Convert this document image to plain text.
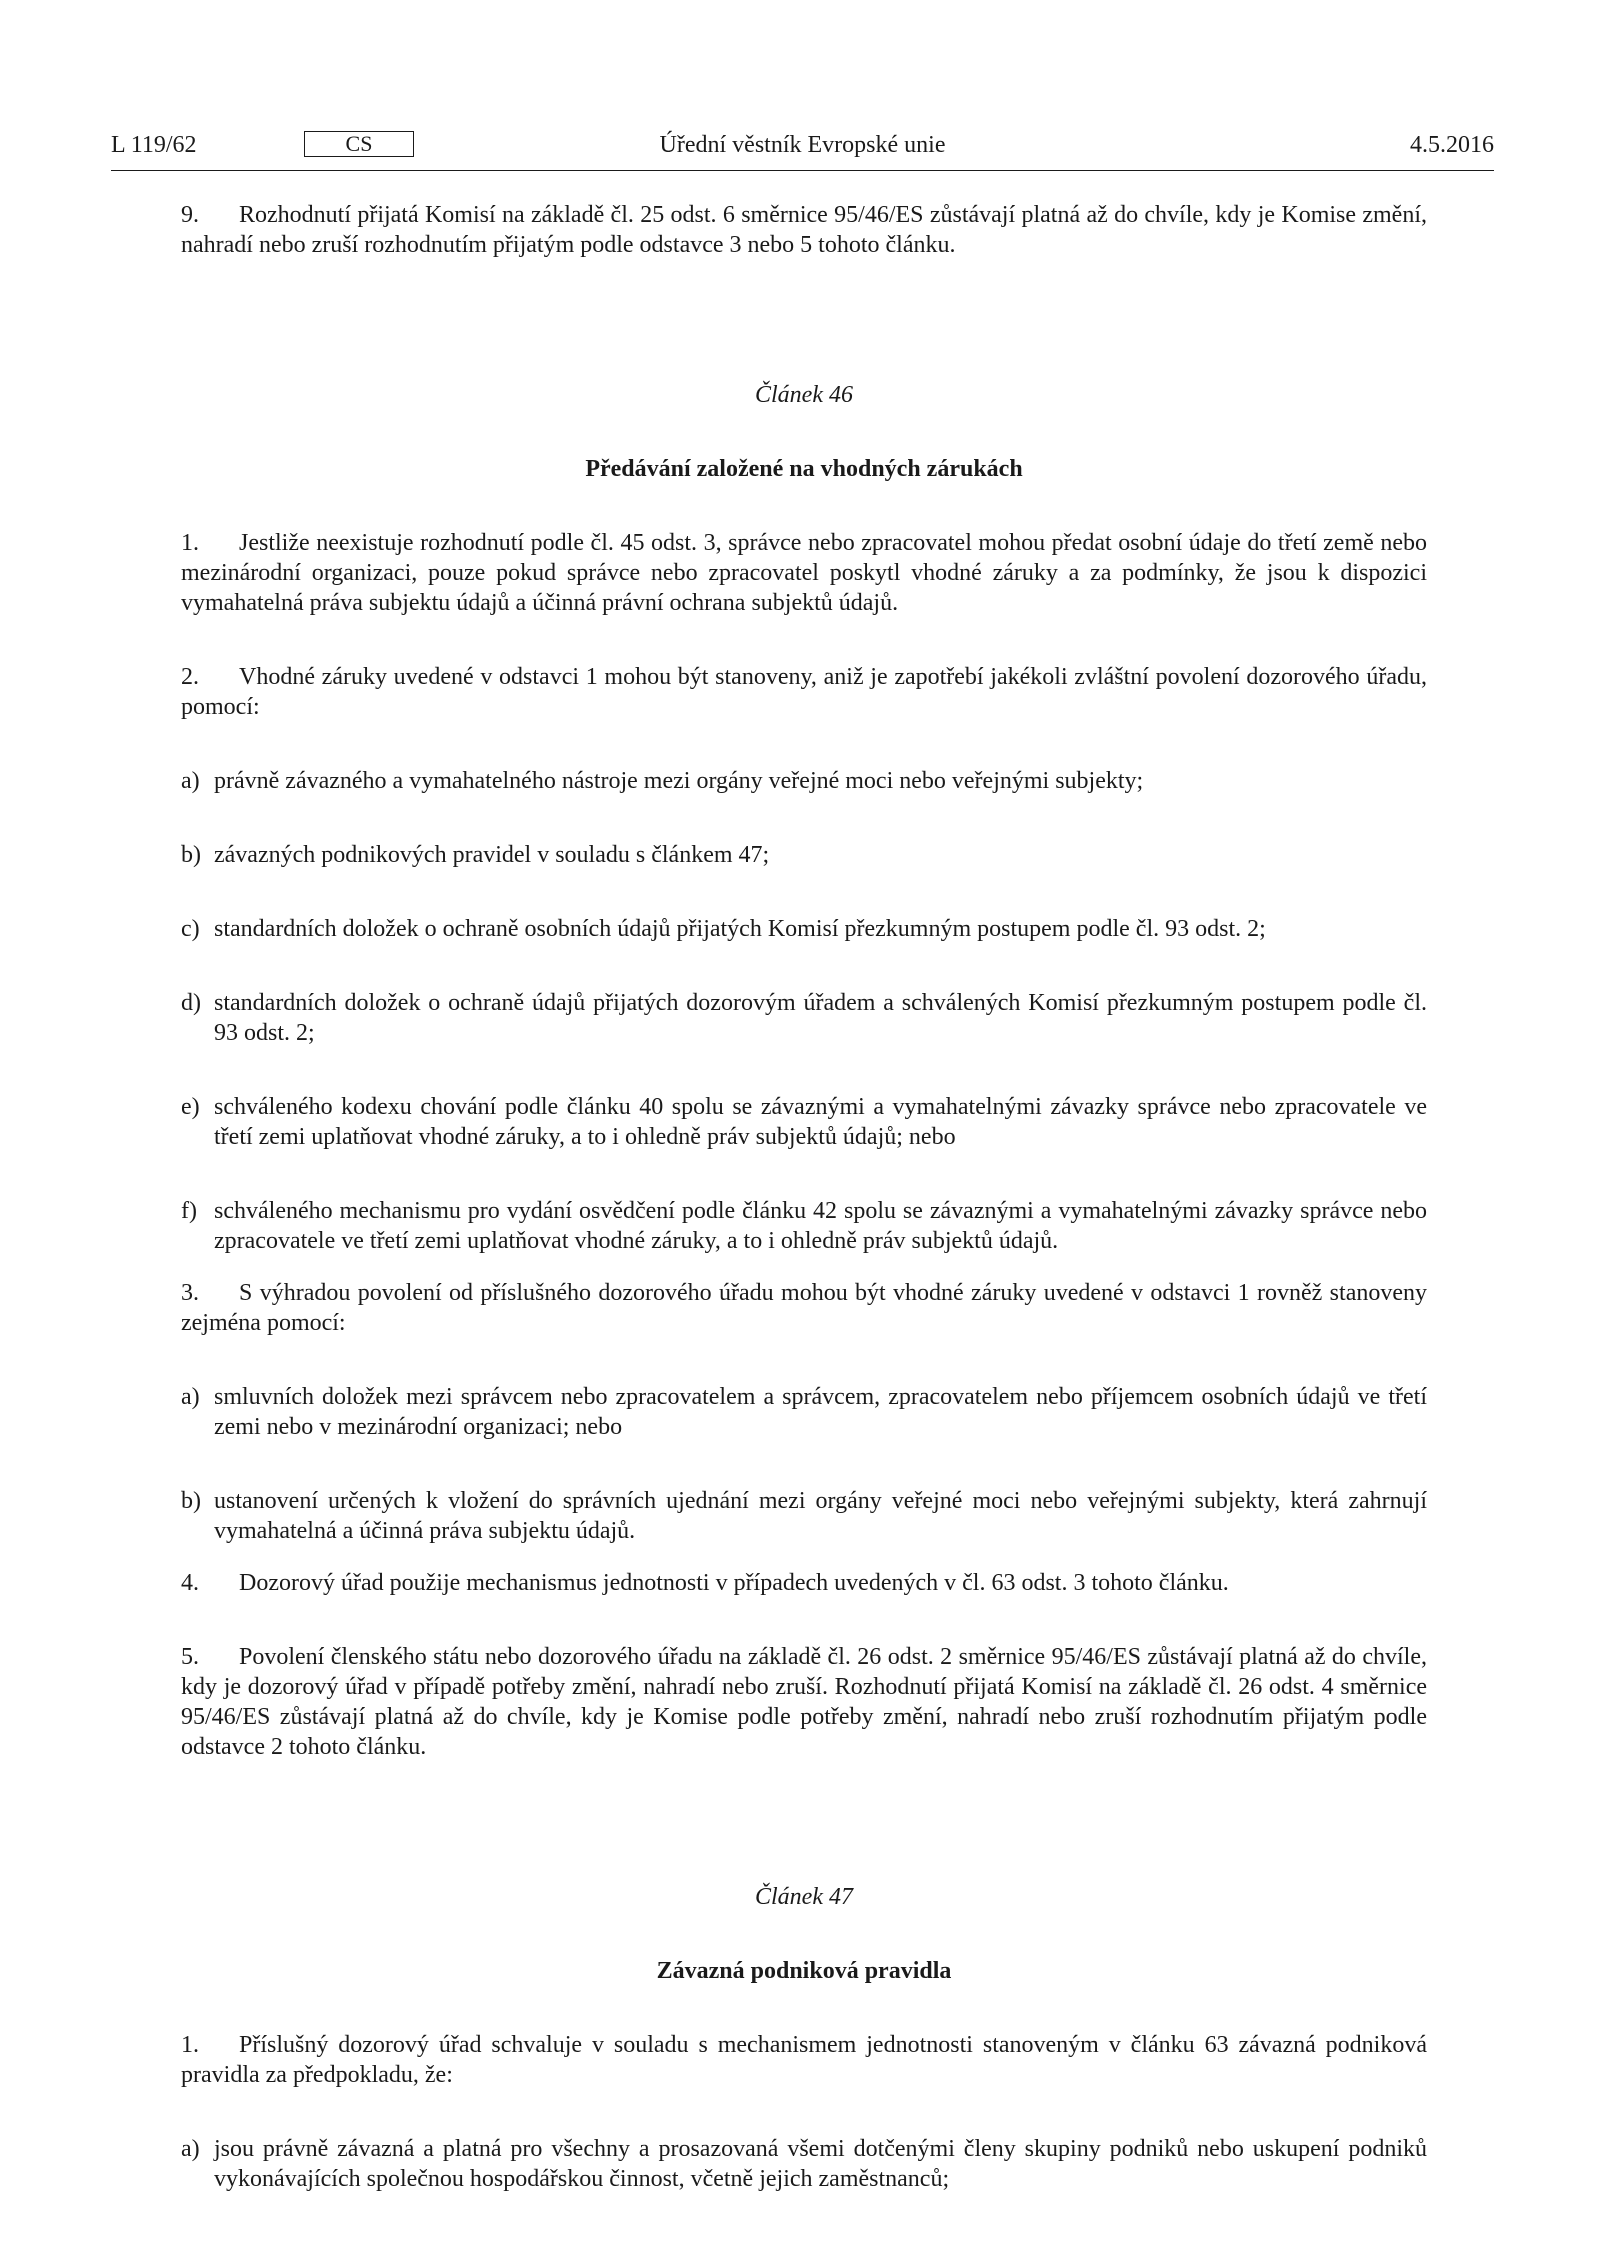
L 119/62	Úřední věstník Evropské unie
CS	4.5.2016

9. Rozhodnutí přijatá Komisí na základě čl. 25 odst. 6 směrnice 95/46/ES zůstávají platná až do chvíle, kdy je Komise změní, nahradí nebo zruší rozhodnutím přijatým podle odstavce 3 nebo 5 tohoto článku.

Článek 46

Předávání založené na vhodných zárukách

1. Jestliže neexistuje rozhodnutí podle čl. 45 odst. 3, správce nebo zpracovatel mohou předat osobní údaje do třetí země nebo mezinárodní organizaci, pouze pokud správce nebo zpracovatel poskytl vhodné záruky a za podmínky, že jsou k dispozici vymahatelná práva subjektu údajů a účinná právní ochrana subjektů údajů.

2. Vhodné záruky uvedené v odstavci 1 mohou být stanoveny, aniž je zapotřebí jakékoli zvláštní povolení dozorového úřadu, pomocí:

a) právně závazného a vymahatelného nástroje mezi orgány veřejné moci nebo veřejnými subjekty;

b) závazných podnikových pravidel v souladu s článkem 47;

c) standardních doložek o ochraně osobních údajů přijatých Komisí přezkumným postupem podle čl. 93 odst. 2;

d) standardních doložek o ochraně údajů přijatých dozorovým úřadem a schválených Komisí přezkumným postupem podle čl. 93 odst. 2;

e) schváleného kodexu chování podle článku 40 spolu se závaznými a vymahatelnými závazky správce nebo zpracovatele ve třetí zemi uplatňovat vhodné záruky, a to i ohledně práv subjektů údajů; nebo

f) schváleného mechanismu pro vydání osvědčení podle článku 42 spolu se závaznými a vymahatelnými závazky správce nebo zpracovatele ve třetí zemi uplatňovat vhodné záruky, a to i ohledně práv subjektů údajů.

3. S výhradou povolení od příslušného dozorového úřadu mohou být vhodné záruky uvedené v odstavci 1 rovněž stanoveny zejména pomocí:

a) smluvních doložek mezi správcem nebo zpracovatelem a správcem, zpracovatelem nebo příjemcem osobních údajů ve třetí zemi nebo v mezinárodní organizaci; nebo

b) ustanovení určených k vložení do správních ujednání mezi orgány veřejné moci nebo veřejnými subjekty, která zahrnují vymahatelná a účinná práva subjektu údajů.

4. Dozorový úřad použije mechanismus jednotnosti v případech uvedených v čl. 63 odst. 3 tohoto článku.

5. Povolení členského státu nebo dozorového úřadu na základě čl. 26 odst. 2 směrnice 95/46/ES zůstávají platná až do chvíle, kdy je dozorový úřad v případě potřeby změní, nahradí nebo zruší. Rozhodnutí přijatá Komisí na základě čl. 26 odst. 4 směrnice 95/46/ES zůstávají platná až do chvíle, kdy je Komise podle potřeby změní, nahradí nebo zruší rozhodnutím přijatým podle odstavce 2 tohoto článku.

Článek 47

Závazná podniková pravidla

1. Příslušný dozorový úřad schvaluje v souladu s mechanismem jednotnosti stanoveným v článku 63 závazná podniková pravidla za předpokladu, že:

a) jsou právně závazná a platná pro všechny a prosazovaná všemi dotčenými členy skupiny podniků nebo uskupení podniků vykonávajících společnou hospodářskou činnost, včetně jejich zaměstnanců;
